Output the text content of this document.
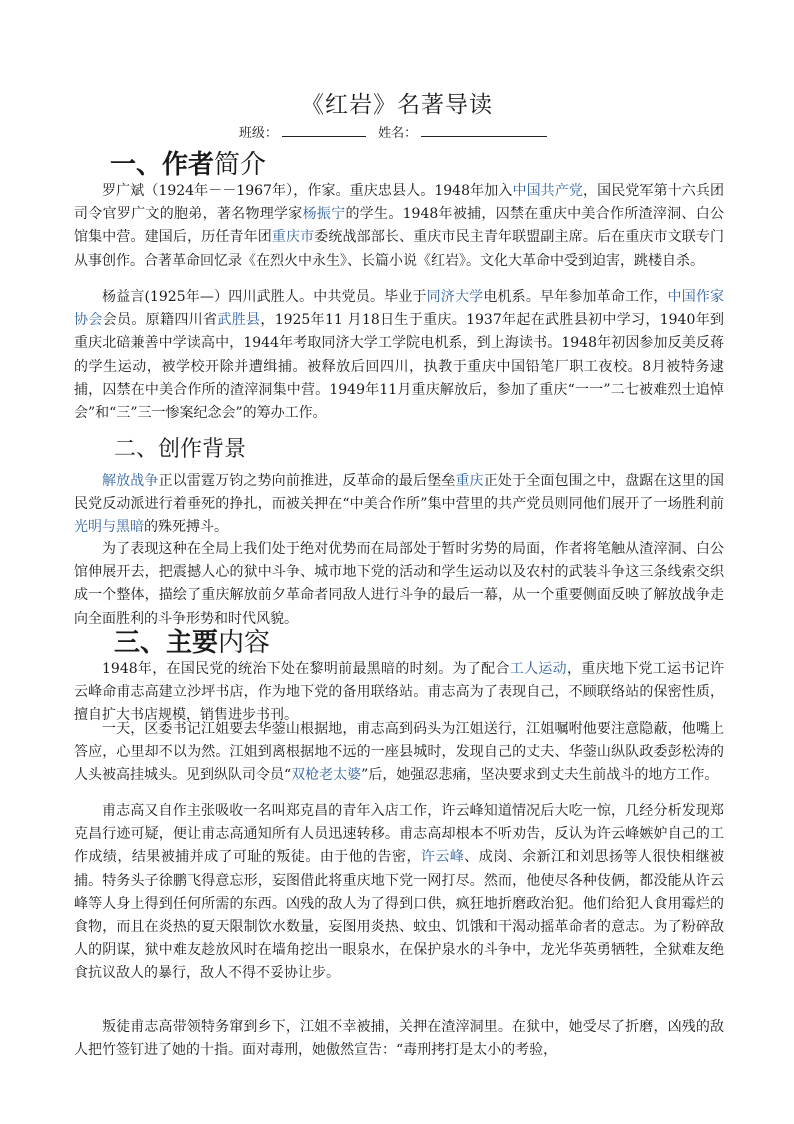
《红岩》名著导读
班级：	姓名：
一、作者简介

罗广斌（1924年－－1967年），作家。重庆忠县人。1948年加入中国共产党，国民党军第十六兵团司令官罗广文的胞弟，著名物理学家杨振宁的学生。1948年被捕，囚禁在重庆中美合作所渣滓洞、白公馆集中营。建国后，历任青年团重庆市委统战部部长、重庆市民主青年联盟副主席。后在重庆市文联专门从事创作。合著革命回忆录《在烈火中永生》、长篇小说《红岩》。文化大革命中受到迫害，跳楼自杀。

杨益言(1925年—）四川武胜人。中共党员。毕业于同济大学电机系。早年参加革命工作，中国作家协会会员。原籍四川省武胜县，1925年11 月18日生于重庆。1937年起在武胜县初中学习，1940年到重庆北碚兼善中学读高中，1944年考取同济大学工学院电机系，到上海读书。1948年初因参加反美反蒋的学生运动，被学校开除并遭缉捕。被释放后回四川，执教于重庆中国铅笔厂职工夜校。8月被特务逮捕，囚禁在中美合作所的渣滓洞集中营。1949年11月重庆解放后，参加了重庆“一一”二七被难烈士追悼会”和“三”三一惨案纪念会”的筹办工作。

二、创作背景

解放战争正以雷霆万钧之势向前推进，反革命的最后堡垒重庆正处于全面包围之中，盘踞在这里的国民党反动派进行着垂死的挣扎，而被关押在“中美合作所”集中营里的共产党员则同他们展开了一场胜利前光明与黑暗的殊死搏斗。

为了表现这种在全局上我们处于绝对优势而在局部处于暂时劣势的局面，作者将笔触从渣滓洞、白公馆伸展开去，把震撼人心的狱中斗争、城市地下党的活动和学生运动以及农村的武装斗争这三条线索交织成一个整体，描绘了重庆解放前夕革命者同敌人进行斗争的最后一幕，从一个重要侧面反映了解放战争走向全面胜利的斗争形势和时代风貌。

三、主要内容

1948年，在国民党的统治下处在黎明前最黑暗的时刻。为了配合工人运动，重庆地下党工运书记许云峰命甫志高建立沙坪书店，作为地下党的备用联络站。甫志高为了表现自己，不顾联络站的保密性质，擅自扩大书店规模，销售进步书刊。

一天，区委书记江姐要去华蓥山根据地，甫志高到码头为江姐送行，江姐嘱咐他要注意隐蔽，他嘴上答应，心里却不以为然。江姐到离根据地不远的一座县城时，发现自己的丈夫、华蓥山纵队政委彭松涛的人头被高挂城头。见到纵队司令员“双枪老太婆”后，她强忍悲痛，坚决要求到丈夫生前战斗的地方工作。

甫志高又自作主张吸收一名叫郑克昌的青年入店工作，许云峰知道情况后大吃一惊，几经分析发现郑克昌行迹可疑，便让甫志高通知所有人员迅速转移。甫志高却根本不听劝告，反认为许云峰嫉妒自己的工作成绩，结果被捕并成了可耻的叛徒。由于他的告密，许云峰、成岗、余新江和刘思扬等人很快相继被捕。特务头子徐鹏飞得意忘形，妄图借此将重庆地下党一网打尽。然而，他使尽各种伎俩，都没能从许云峰等人身上得到任何所需的东西。凶残的敌人为了得到口供，疯狂地折磨政治犯。他们给犯人食用霉烂的食物，而且在炎热的夏天限制饮水数量，妄图用炎热、蚊虫、饥饿和干渴动摇革命者的意志。为了粉碎敌人的阴谋，狱中难友趁放风时在墙角挖出一眼泉水，在保护泉水的斗争中，龙光华英勇牺牲，全狱难友绝食抗议敌人的暴行，敌人不得不妥协让步。

叛徒甫志高带领特务窜到乡下，江姐不幸被捕，关押在渣滓洞里。在狱中，她受尽了折磨，凶残的敌人把竹签钉进了她的十指。面对毒刑，她傲然宣告：“毒刑拷打是太小的考验，
